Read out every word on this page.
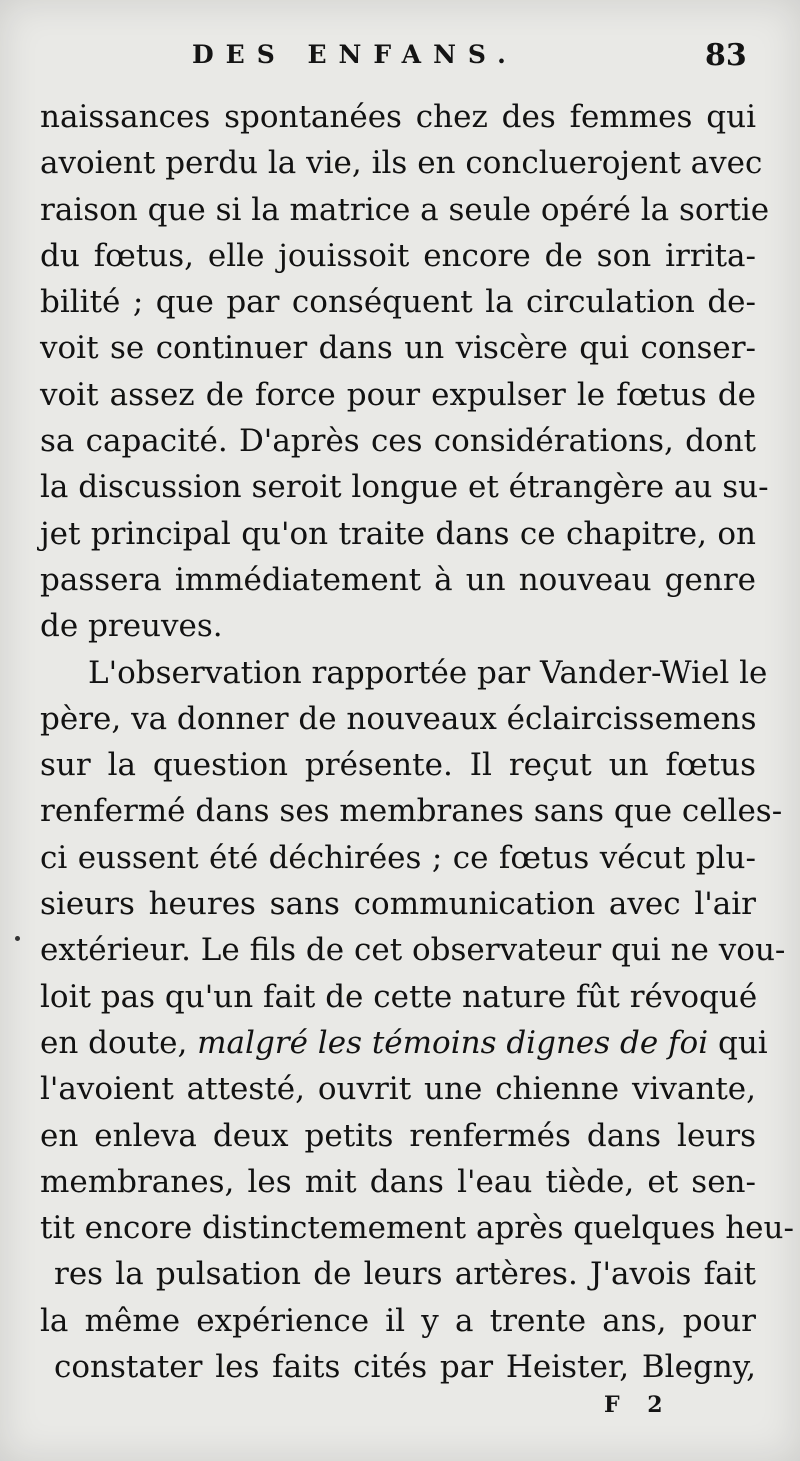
DES ENFANS.	83
naissances spontanées chez des femmes qui
avoient perdu la vie, ils en concluerojent avec
raison que si la matrice a seule opéré la sortie
du fœtus, elle jouissoit encore de son irrita-
bilité ; que par conséquent la circulation de-
voit se continuer dans un viscère qui conser-
voit assez de force pour expulser le fœtus de
sa capacité. D'après ces considérations, dont
la discussion seroit longue et étrangère au su-
jet principal qu'on traite dans ce chapitre, on
passera immédiatement à un nouveau genre
de preuves.
L'observation rapportée par Vander-Wiel le
père, va donner de nouveaux éclaircissemens
sur la question présente. Il reçut un fœtus
renfermé dans ses membranes sans que celles-
ci eussent été déchirées ; ce fœtus vécut plu-
sieurs heures sans communication avec l'air
extérieur. Le fils de cet observateur qui ne vou-
loit pas qu'un fait de cette nature fût révoqué
en doute, malgré les témoins dignes de foi qui
l'avoient attesté, ouvrit une chienne vivante,
en enleva deux petits renfermés dans leurs
membranes, les mit dans l'eau tiède, et sen-
tit encore distinctemement après quelques heu-
res la pulsation de leurs artères. J'avois fait
la même expérience il y a trente ans, pour
constater les faits cités par Heister, Blegny,
F 2
